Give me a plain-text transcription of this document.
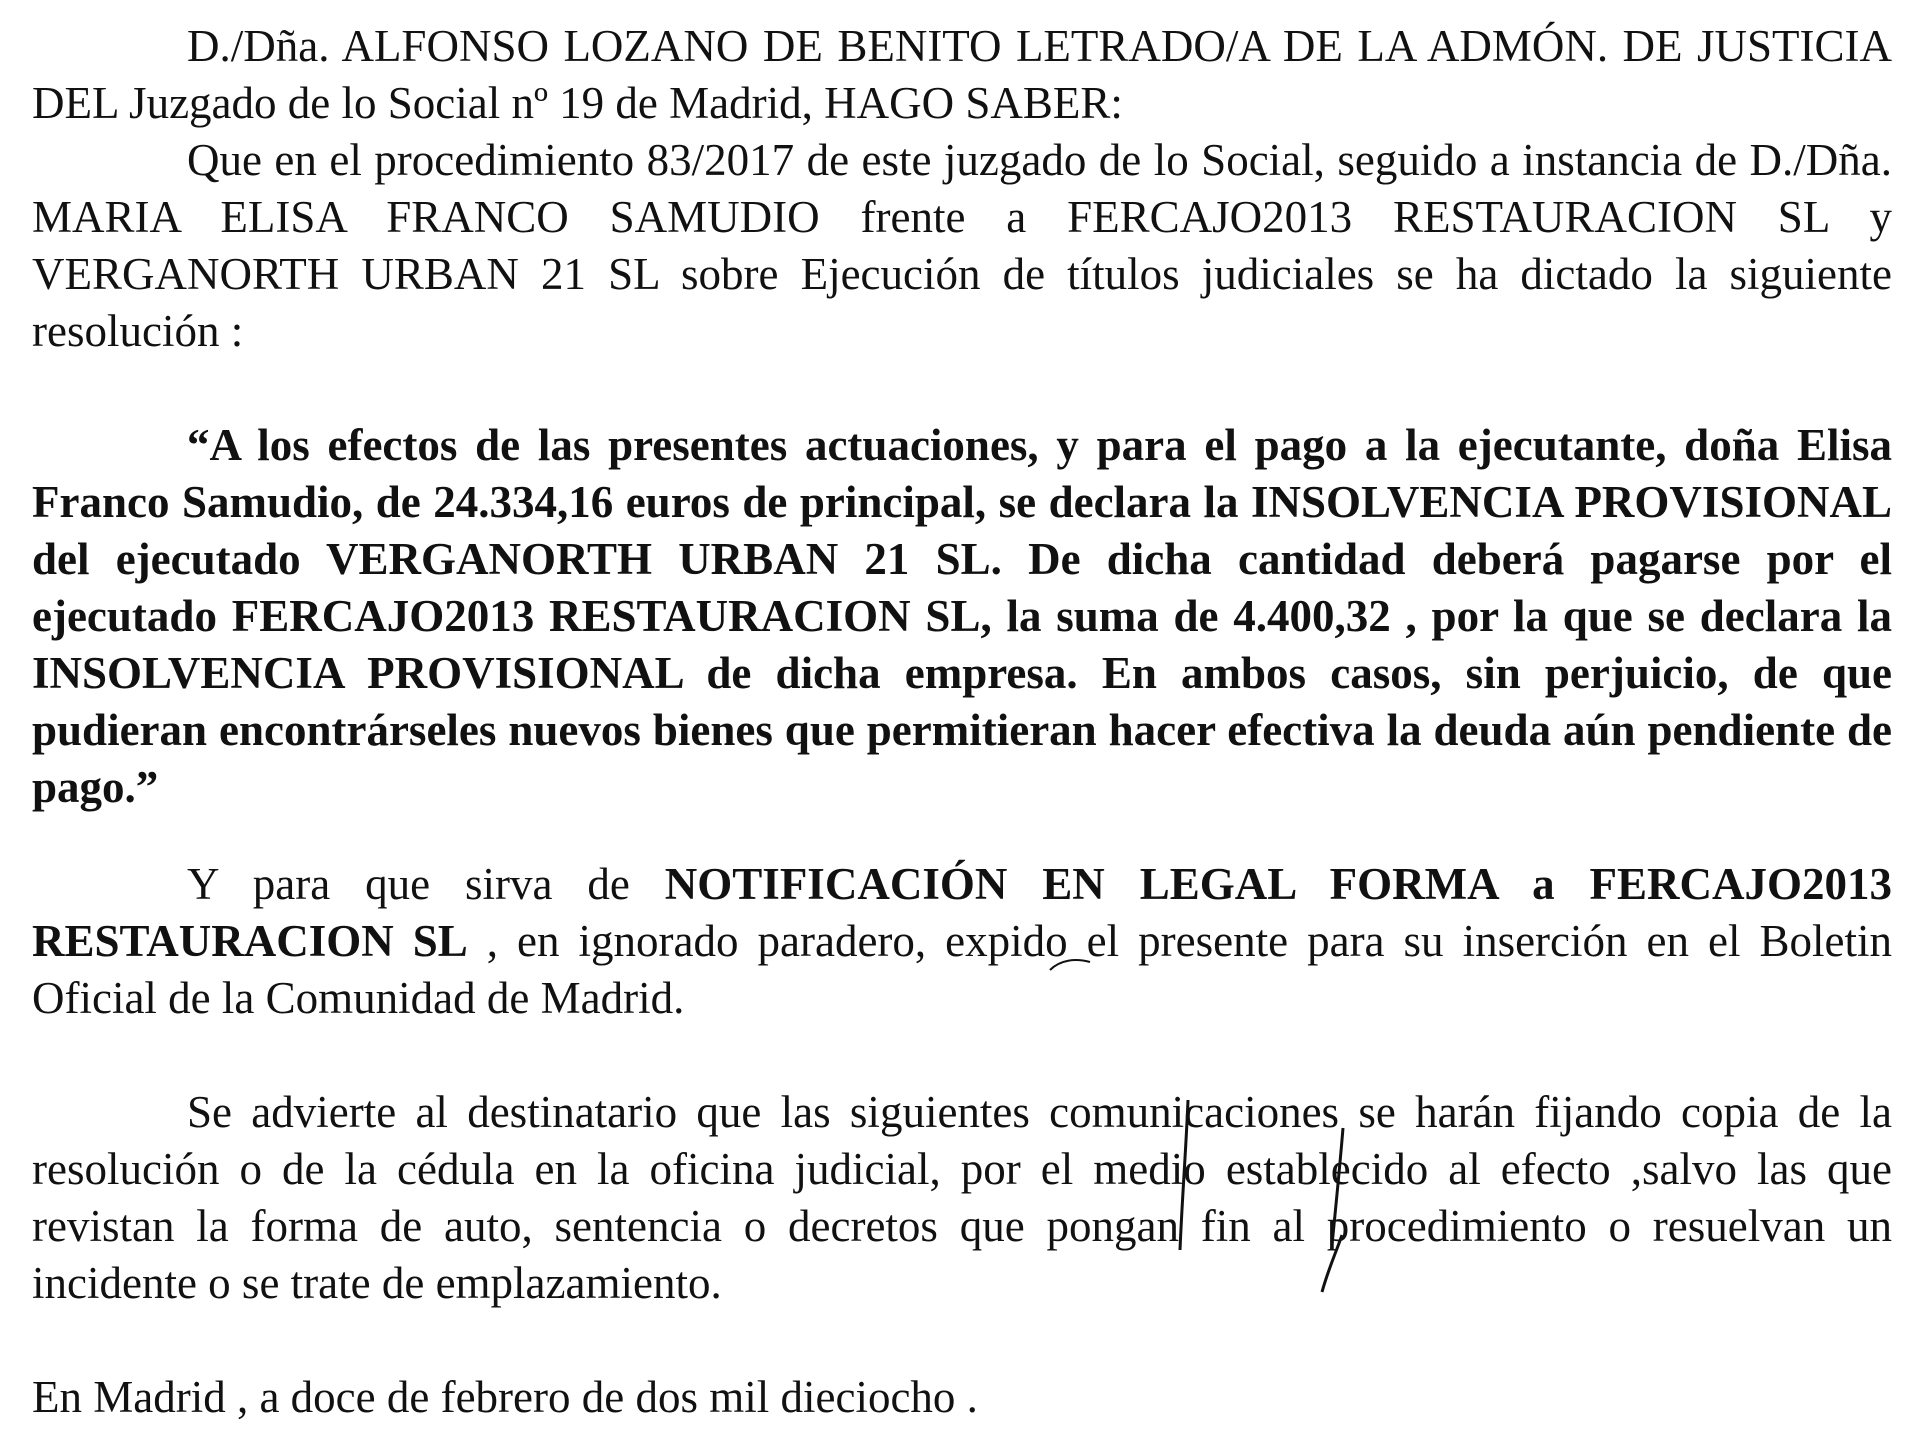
D./Dña. ALFONSO LOZANO DE BENITO LETRADO/A DE LA ADMÓN. DE JUSTICIA DEL Juzgado de lo Social nº 19 de Madrid, HAGO SABER:

Que en el procedimiento 83/2017 de este juzgado de lo Social, seguido a instancia de D./Dña. MARIA ELISA FRANCO SAMUDIO frente a FERCAJO2013 RESTAURACION SL y VERGANORTH URBAN 21 SL sobre Ejecución de títulos judiciales se ha dictado la siguiente resolución :

“A los efectos de las presentes actuaciones, y para el pago a la ejecutante, doña Elisa Franco Samudio, de 24.334,16 euros de principal, se declara la INSOLVENCIA PROVISIONAL del ejecutado VERGANORTH URBAN 21 SL. De dicha cantidad deberá pagarse por el ejecutado FERCAJO2013 RESTAURACION SL, la suma de 4.400,32 , por la que se declara la INSOLVENCIA PROVISIONAL de dicha empresa. En ambos casos, sin perjuicio, de que pudieran encontrárseles nuevos bienes que permitieran hacer efectiva la deuda aún pendiente de pago.”

Y para que sirva de NOTIFICACIÓN EN LEGAL FORMA a FERCAJO2013 RESTAURACION SL , en ignorado paradero, expido el presente para su inserción en el Boletin Oficial de la Comunidad de Madrid.

Se advierte al destinatario que las siguientes comunicaciones se harán fijando copia de la resolución o de la cédula en la oficina judicial, por el medio establecido al efecto ,salvo las que revistan la forma de auto, sentencia o decretos que pongan fin al procedimiento o resuelvan un incidente o se trate de emplazamiento.

En Madrid , a doce de febrero de dos mil dieciocho .
